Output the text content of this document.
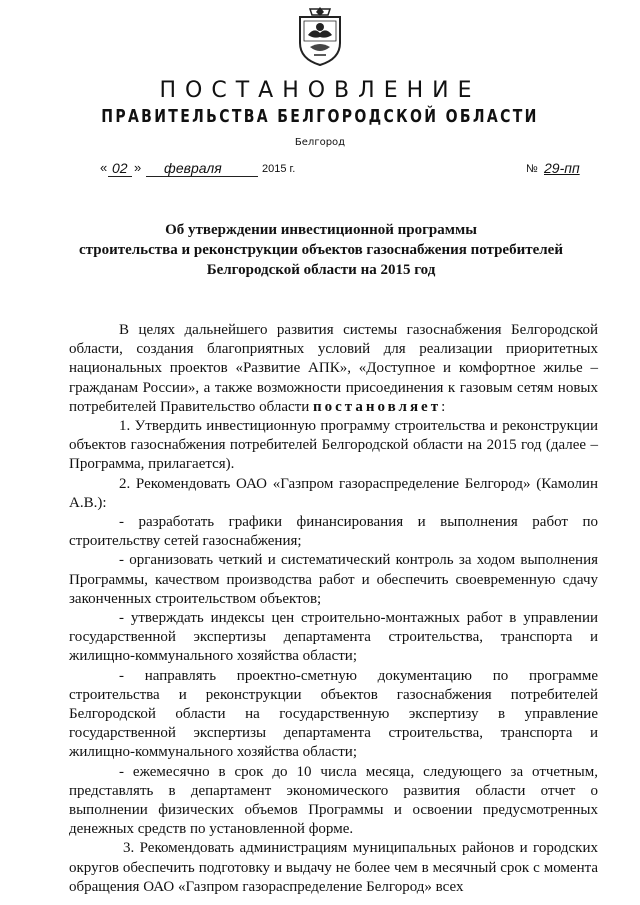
ПОСТАНОВЛЕНИЕ
ПРАВИТЕЛЬСТВА БЕЛГОРОДСКОЙ ОБЛАСТИ
Белгород
« 02 » февраля	2015 г.	№ 29-пп
Об утверждении инвестиционной программы
строительства и реконструкции объектов газоснабжения потребителей
Белгородской области на 2015 год

В целях дальнейшего развития системы газоснабжения Белгородской области, создания благоприятных условий для реализации приоритетных национальных проектов «Развитие АПК», «Доступное и комфортное жилье – гражданам России», а также возможности присоединения к газовым сетям новых потребителей Правительство области постановляет:

1. Утвердить инвестиционную программу строительства и реконструкции объектов газоснабжения потребителей Белгородской области на 2015 год (далее – Программа, прилагается).

2. Рекомендовать ОАО «Газпром газораспределение Белгород» (Камолин А.В.):

- разработать графики финансирования и выполнения работ по строительству сетей газоснабжения;

- организовать четкий и систематический контроль за ходом выполнения Программы, качеством производства работ и обеспечить своевременную сдачу законченных строительством объектов;

- утверждать индексы цен строительно-монтажных работ в управлении государственной экспертизы департамента строительства, транспорта и жилищно-коммунального хозяйства области;

- направлять проектно-сметную документацию по программе строительства и реконструкции объектов газоснабжения потребителей Белгородской области на государственную экспертизу в управление государственной экспертизы департамента строительства, транспорта и жилищно-коммунального хозяйства области;

- ежемесячно в срок до 10 числа месяца, следующего за отчетным, представлять в департамент экономического развития области отчет о выполнении физических объемов Программы и освоении предусмотренных денежных средств по установленной форме.

3. Рекомендовать администрациям муниципальных районов и городских округов обеспечить подготовку и выдачу не более чем в месячный срок с момента обращения ОАО «Газпром газораспределение Белгород» всех
